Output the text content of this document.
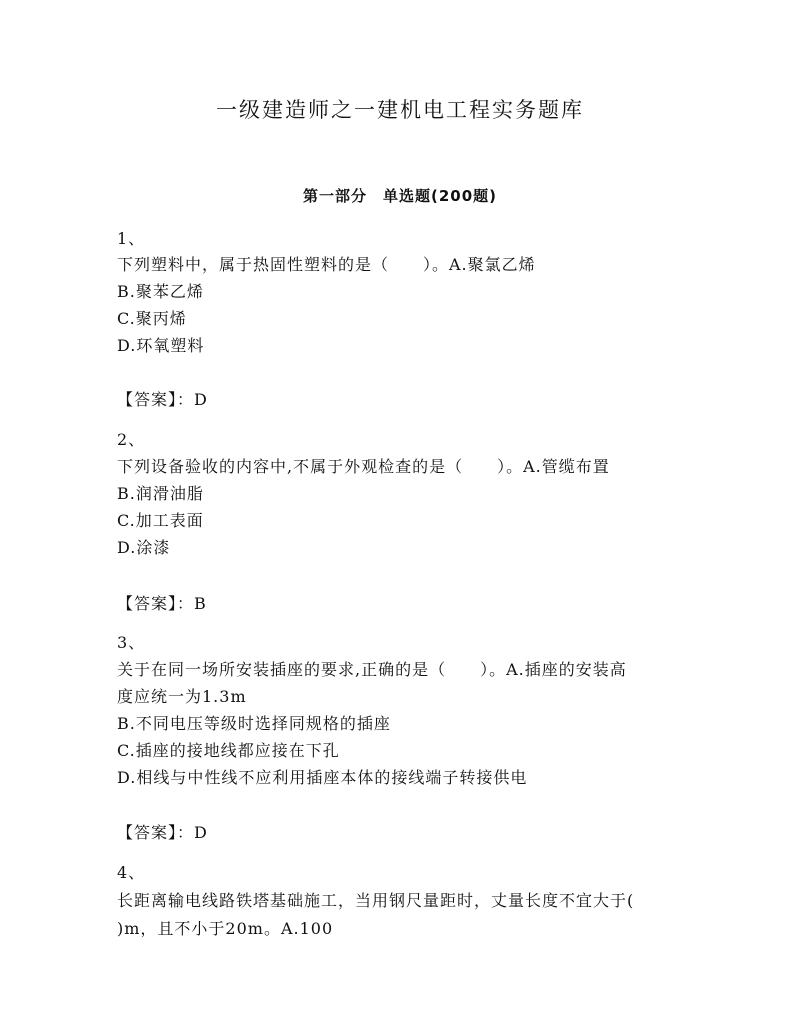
一级建造师之一建机电工程实务题库
第一部分　单选题(200题)
1、
下列塑料中，属于热固性塑料的是（　　）。A.聚氯乙烯
B.聚苯乙烯
C.聚丙烯
D.环氧塑料
【答案】：D
2、
下列设备验收的内容中,不属于外观检查的是（　　）。A.管缆布置
B.润滑油脂
C.加工表面
D.涂漆
【答案】：B
3、
关于在同一场所安装插座的要求,正确的是（　　）。A.插座的安装高
度应统一为1.3m
B.不同电压等级时选择同规格的插座
C.插座的接地线都应接在下孔
D.相线与中性线不应利用插座本体的接线端子转接供电
【答案】：D
4、
长距离输电线路铁塔基础施工，当用钢尺量距时，丈量长度不宜大于(
)m，且不小于20m。A.100
